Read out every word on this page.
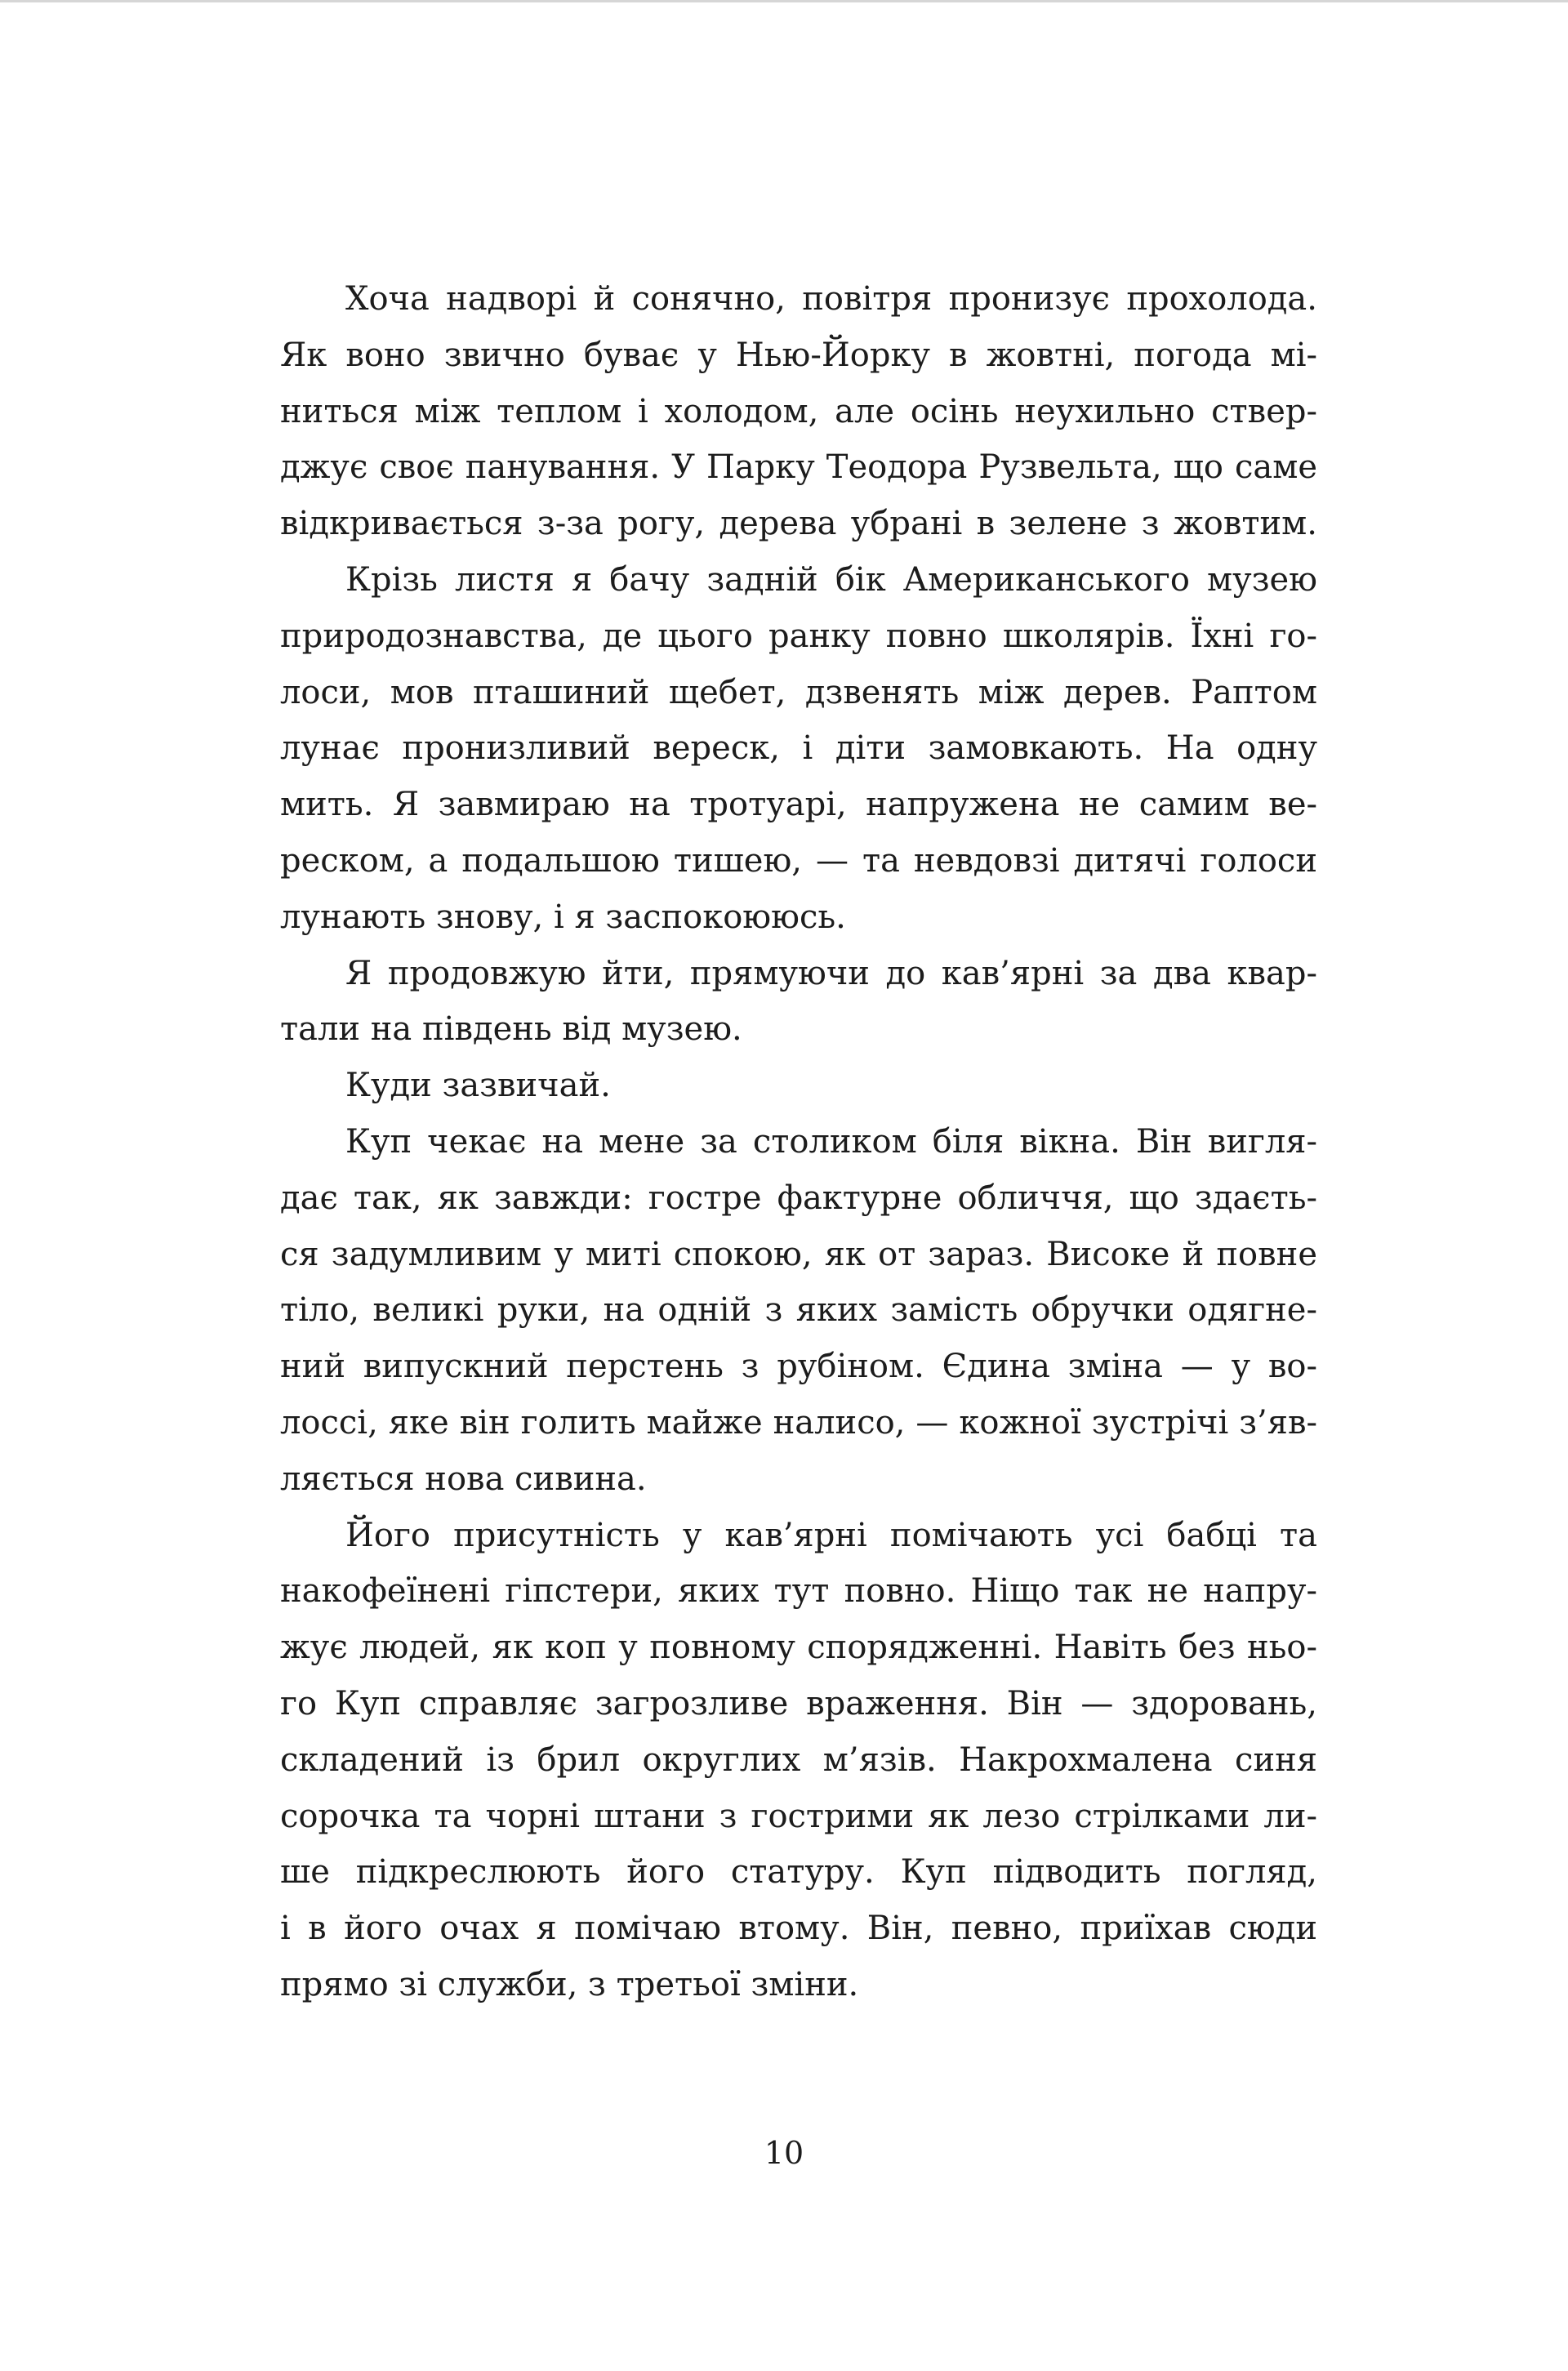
Хоча надворі й сонячно, повітря пронизує прохолода.
Як воно звично буває у Нью-Йорку в жовтні, погода мі-
ниться між теплом і холодом, але осінь неухильно ствер-
джує своє панування. У Парку Теодора Рузвельта, що саме
відкривається з-за рогу, дерева убрані в зелене з жовтим.

Крізь листя я бачу задній бік Американського музею
природознавства, де цього ранку повно школярів. Їхні го-
лоси, мов пташиний щебет, дзвенять між дерев. Раптом
лунає пронизливий вереск, і діти замовкають. На одну
мить. Я завмираю на тротуарі, напружена не самим ве-
реском, а подальшою тишею, — та невдовзі дитячі голоси
лунають знову, і я заспокоююсь.

Я продовжую йти, прямуючи до кав’ярні за два квар-
тали на південь від музею.

Куди зазвичай.

Куп чекає на мене за столиком біля вікна. Він вигля-
дає так, як завжди: гостре фактурне обличчя, що здаєть-
ся задумливим у миті спокою, як от зараз. Високе й повне
тіло, великі руки, на одній з яких замість обручки одягне-
ний випускний перстень з рубіном. Єдина зміна — у во-
лоссі, яке він голить майже налисо, — кожної зустрічі з’яв-
ляється нова сивина.

Його присутність у кав’ярні помічають усі бабці та
накофеїнені гіпстери, яких тут повно. Ніщо так не напру-
жує людей, як коп у повному спорядженні. Навіть без ньо-
го Куп справляє загрозливе враження. Він — здоровань,
складений із брил округлих м’язів. Накрохмалена синя
сорочка та чорні штани з гострими як лезо стрілками ли-
ше підкреслюють його статуру. Куп підводить погляд,
і в його очах я помічаю втому. Він, певно, приїхав сюди
прямо зі служби, з третьої зміни.

10
